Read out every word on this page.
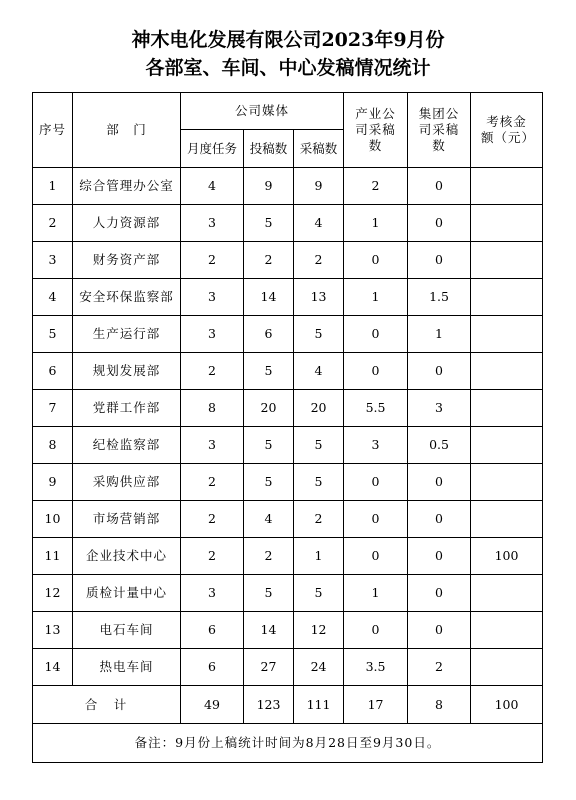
神木电化发展有限公司2023年9月份
各部室、车间、中心发稿情况统计
序号	部　门	公司媒体			产业公司采稿数	集团公司采稿数	考核金额（元）
		月度任务	投稿数	采稿数			
1	综合管理办公室	4	9	9	2	0	
2	人力资源部	3	5	4	1	0	
3	财务资产部	2	2	2	0	0	
4	安全环保监察部	3	14	13	1	1.5	
5	生产运行部	3	6	5	0	1	
6	规划发展部	2	5	4	0	0	
7	党群工作部	8	20	20	5.5	3	
8	纪检监察部	3	5	5	3	0.5	
9	采购供应部	2	5	5	0	0	
10	市场营销部	2	4	2	0	0	
11	企业技术中心	2	2	1	0	0	100
12	质检计量中心	3	5	5	1	0	
13	电石车间	6	14	12	0	0	
14	热电车间	6	27	24	3.5	2	
合　计		49	123	111	17	8	100
备注：9月份上稿统计时间为8月28日至9月30日。							
